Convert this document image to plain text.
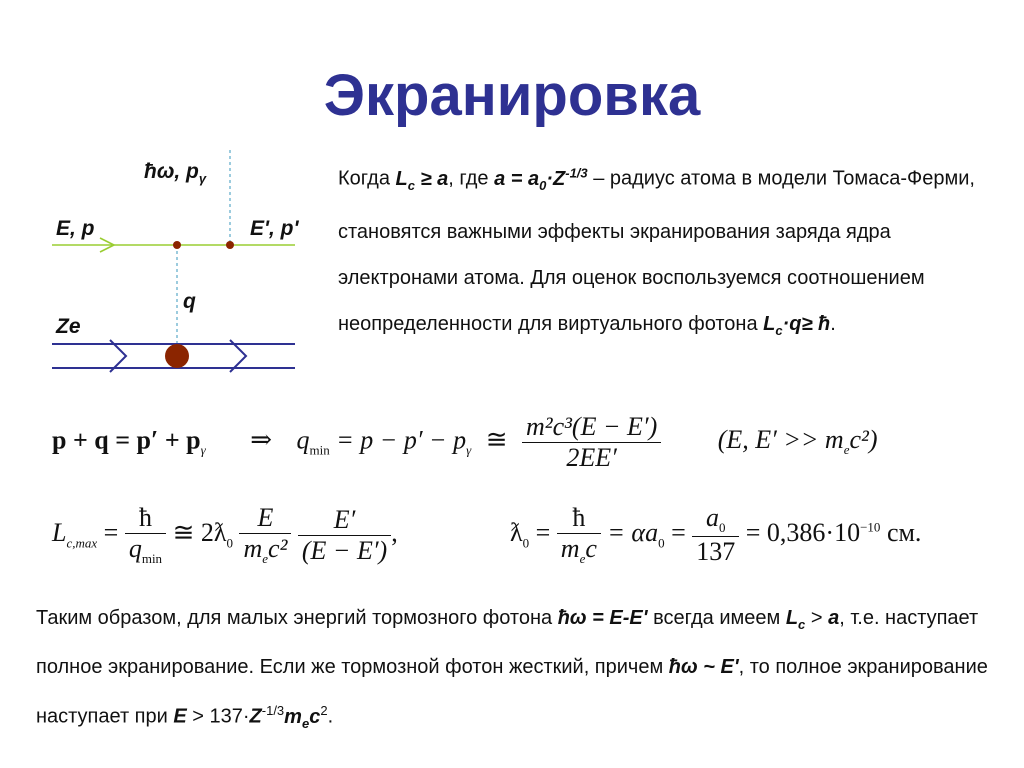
Экранировка
ħω, $p_\gamma$
E, p	E', p'
q
Ze
Когда $L_c \ge a$, где $a = a_0\cdot Z^{-1/3}$ – радиус атома в модели Томаса-Ферми, становятся важными эффекты экранирования заряда ядра электронами атома. Для оценок воспользуемся соотношением неопределенности для виртуального фотона $L_c\cdot q\ge$ ħ.
$p + q = p' + p_\gamma$ ⇒ $q_{min} = p - p' - p_\gamma$ ≅ $\frac{\text{m²c³(E − E′)}}{2EE'} (E$, $E' >> m_ec^2$)
$L_{c,max} = \frac{ħ}{q_{min}}$ ≅ $2ƛ_0 \frac{E}{m_ec^2}$
$\frac{E'}{(E - E')}$ ,	$ƛ_0 = \frac{ħ}{m_ec} = \alpha a_0 = \frac{a_0}{137} = 0,386\cdot 10^{-10}$ см.
Таким образом, для малых энергий тормозного фотона ħω = E-E' всегда имеем $L_c > a$, т.е. наступает полное экранирование. Если же тормозной фотон жесткий, причем ħω ~ E', то полное экранирование наступает при $E > 137\cdot Z^{-1/3}m_ec^2$.
